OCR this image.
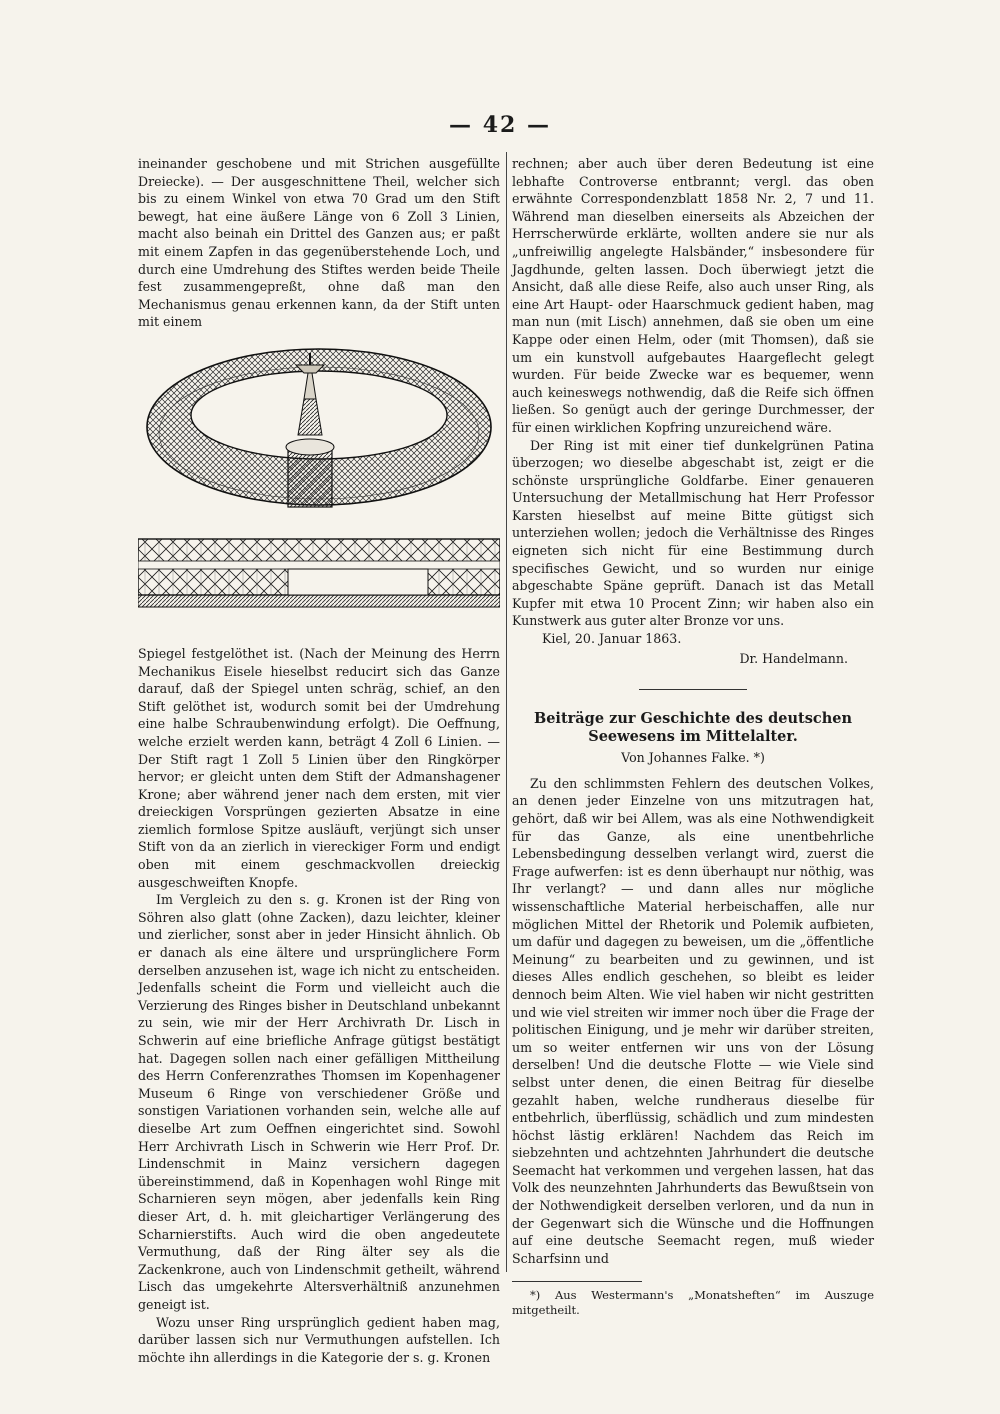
— 42 —

ineinander geschobene und mit Strichen ausgefüllte Dreiecke). — Der ausgeschnittene Theil, welcher sich bis zu einem Winkel von etwa 70 Grad um den Stift bewegt, hat eine äußere Länge von 6 Zoll 3 Linien, macht also beinah ein Drittel des Ganzen aus; er paßt mit einem Zapfen in das gegenüberstehende Loch, und durch eine Umdrehung des Stiftes werden beide Theile fest zusammengepreßt, ohne daß man den Mechanismus genau erkennen kann, da der Stift unten mit einem

Spiegel festgelöthet ist. (Nach der Meinung des Herrn Mechanikus Eisele hieselbst reducirt sich das Ganze darauf, daß der Spiegel unten schräg, schief, an den Stift gelöthet ist, wodurch somit bei der Umdrehung eine halbe Schraubenwindung erfolgt). Die Oeffnung, welche erzielt werden kann, beträgt 4 Zoll 6 Linien. — Der Stift ragt 1 Zoll 5 Linien über den Ringkörper hervor; er gleicht unten dem Stift der Admanshagener Krone; aber während jener nach dem ersten, mit vier dreieckigen Vorsprüngen gezierten Absatze in eine ziemlich formlose Spitze ausläuft, verjüngt sich unser Stift von da an zierlich in viereckiger Form und endigt oben mit einem geschmackvollen dreieckig ausgeschweiften Knopfe.

Im Vergleich zu den s. g. Kronen ist der Ring von Söhren also glatt (ohne Zacken), dazu leichter, kleiner und zierlicher, sonst aber in jeder Hinsicht ähnlich. Ob er danach als eine ältere und ursprünglichere Form derselben anzusehen ist, wage ich nicht zu entscheiden. Jedenfalls scheint die Form und vielleicht auch die Verzierung des Ringes bisher in Deutschland unbekannt zu sein, wie mir der Herr Archivrath Dr. Lisch in Schwerin auf eine briefliche Anfrage gütigst bestätigt hat. Dagegen sollen nach einer gefälligen Mittheilung des Herrn Conferenzrathes Thomsen im Kopenhagener Museum 6 Ringe von verschiedener Größe und sonstigen Variationen vorhanden sein, welche alle auf dieselbe Art zum Oeffnen eingerichtet sind. Sowohl Herr Archivrath Lisch in Schwerin wie Herr Prof. Dr. Lindenschmit in Mainz versichern dagegen übereinstimmend, daß in Kopenhagen wohl Ringe mit Scharnieren seyn mögen, aber jedenfalls kein Ring dieser Art, d. h. mit gleichartiger Verlängerung des Scharnierstifts. Auch wird die oben angedeutete Vermuthung, daß der Ring älter sey als die Zackenkrone, auch von Lindenschmit getheilt, während Lisch das umgekehrte Altersverhältniß anzunehmen geneigt ist.

Wozu unser Ring ursprünglich gedient haben mag, darüber lassen sich nur Vermuthungen aufstellen. Ich möchte ihn allerdings in die Kategorie der s. g. Kronen

rechnen; aber auch über deren Bedeutung ist eine lebhafte Controverse entbrannt; vergl. das oben erwähnte Correspondenzblatt 1858 Nr. 2, 7 und 11. Während man dieselben einerseits als Abzeichen der Herrscherwürde erklärte, wollten andere sie nur als „unfreiwillig angelegte Halsbänder,“ insbesondere für Jagdhunde, gelten lassen. Doch überwiegt jetzt die Ansicht, daß alle diese Reife, also auch unser Ring, als eine Art Haupt- oder Haarschmuck gedient haben, mag man nun (mit Lisch) annehmen, daß sie oben um eine Kappe oder einen Helm, oder (mit Thomsen), daß sie um ein kunstvoll aufgebautes Haargeflecht gelegt wurden. Für beide Zwecke war es bequemer, wenn auch keineswegs nothwendig, daß die Reife sich öffnen ließen. So genügt auch der geringe Durchmesser, der für einen wirklichen Kopfring unzureichend wäre.

Der Ring ist mit einer tief dunkelgrünen Patina überzogen; wo dieselbe abgeschabt ist, zeigt er die schönste ursprüngliche Goldfarbe. Einer genaueren Untersuchung der Metallmischung hat Herr Professor Karsten hieselbst auf meine Bitte gütigst sich unterziehen wollen; jedoch die Verhältnisse des Ringes eigneten sich nicht für eine Bestimmung durch specifisches Gewicht, und so wurden nur einige abgeschabte Späne geprüft. Danach ist das Metall Kupfer mit etwa 10 Procent Zinn; wir haben also ein Kunstwerk aus guter alter Bronze vor uns.

Kiel, 20. Januar 1863.

Dr. Handelmann.

Beiträge zur Geschichte des deutschen Seewesens im Mittelalter.

Von Johannes Falke. *)

Zu den schlimmsten Fehlern des deutschen Volkes, an denen jeder Einzelne von uns mitzutragen hat, gehört, daß wir bei Allem, was als eine Nothwendigkeit für das Ganze, als eine unentbehrliche Lebensbedingung desselben verlangt wird, zuerst die Frage aufwerfen: ist es denn überhaupt nur nöthig, was Ihr verlangt? — und dann alles nur mögliche wissenschaftliche Material herbeischaffen, alle nur möglichen Mittel der Rhetorik und Polemik aufbieten, um dafür und dagegen zu beweisen, um die „öffentliche Meinung“ zu bearbeiten und zu gewinnen, und ist dieses Alles endlich geschehen, so bleibt es leider dennoch beim Alten. Wie viel haben wir nicht gestritten und wie viel streiten wir immer noch über die Frage der politischen Einigung, und je mehr wir darüber streiten, um so weiter entfernen wir uns von der Lösung derselben! Und die deutsche Flotte — wie Viele sind selbst unter denen, die einen Beitrag für dieselbe gezahlt haben, welche rundheraus dieselbe für entbehrlich, überflüssig, schädlich und zum mindesten höchst lästig erklären! Nachdem das Reich im siebzehnten und achtzehnten Jahrhundert die deutsche Seemacht hat verkommen und vergehen lassen, hat das Volk des neunzehnten Jahrhunderts das Bewußtsein von der Nothwendigkeit derselben verloren, und da nun in der Gegenwart sich die Wünsche und die Hoffnungen auf eine deutsche Seemacht regen, muß wieder Scharfsinn und

*) Aus Westermann's „Monatsheften“ im Auszuge mitgetheilt.
